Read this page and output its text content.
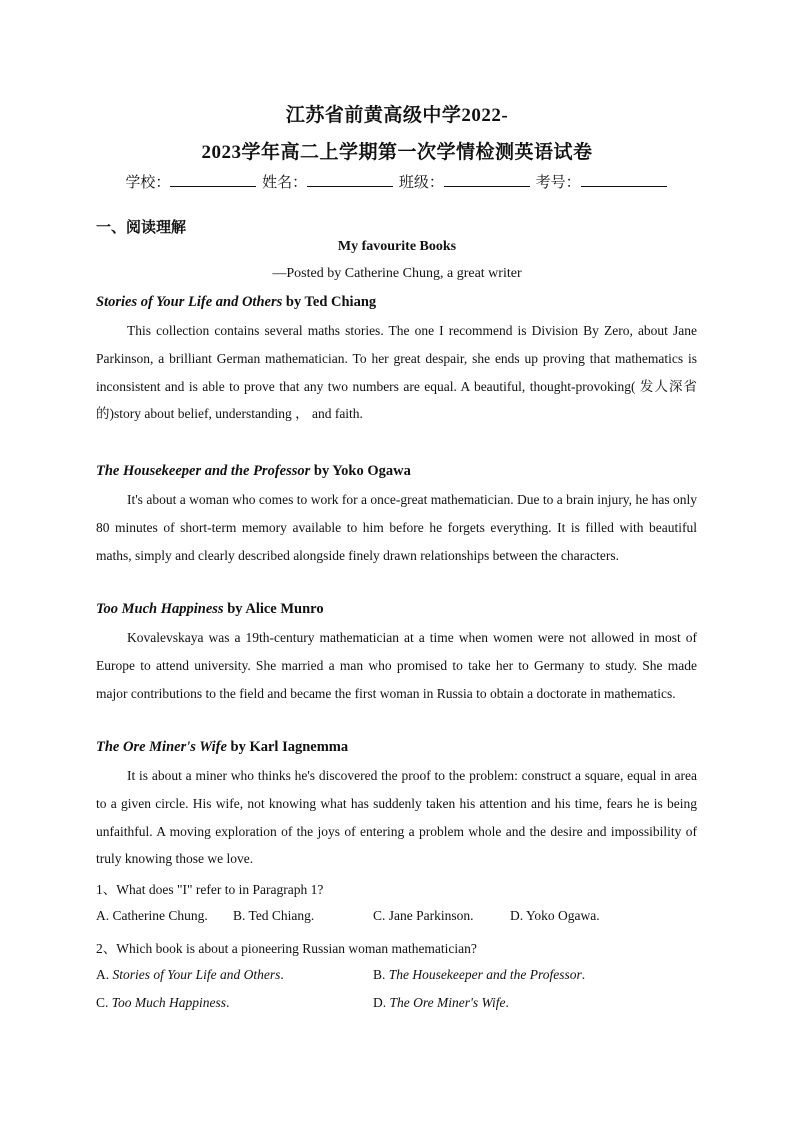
江苏省前黄高级中学2022-
2023学年高二上学期第一次学情检测英语试卷
学校：	姓名：	班级：	考号：
一、阅读理解
My favourite Books
—Posted by Catherine Chung, a great writer
Stories of Your Life and Others by Ted Chiang
This collection contains several maths stories. The one I recommend is Division By Zero, about Jane Parkinson, a brilliant German mathematician. To her great despair, she ends up proving that mathematics is inconsistent and is able to prove that any two numbers are equal. A beautiful, thought-provoking( 发人深省的)story about belief, understanding ， and faith.
The Housekeeper and the Professor by Yoko Ogawa
It's about a woman who comes to work for a once-great mathematician. Due to a brain injury, he has only 80 minutes of short-term memory available to him before he forgets everything. It is filled with beautiful maths, simply and clearly described alongside finely drawn relationships between the characters.
Too Much Happiness by Alice Munro
Kovalevskaya was a 19th-century mathematician at a time when women were not allowed in most of Europe to attend university. She married a man who promised to take her to Germany to study. She made major contributions to the field and became the first woman in Russia to obtain a doctorate in mathematics.
The Ore Miner's Wife by Karl Iagnemma
It is about a miner who thinks he's discovered the proof to the problem: construct a square, equal in area to a given circle. His wife, not knowing what has suddenly taken his attention and his time, fears he is being unfaithful. A moving exploration of the joys of entering a problem whole and the desire and impossibility of truly knowing those we love.
1、What does "I" refer to in Paragraph 1?
A. Catherine Chung. B. Ted Chiang.	C. Jane Parkinson.	D. Yoko Ogawa.
2、Which book is about a pioneering Russian woman mathematician?
A. Stories of Your Life and Others.	B. The Housekeeper and the Professor.
C. Too Much Happiness.	D. The Ore Miner's Wife.
